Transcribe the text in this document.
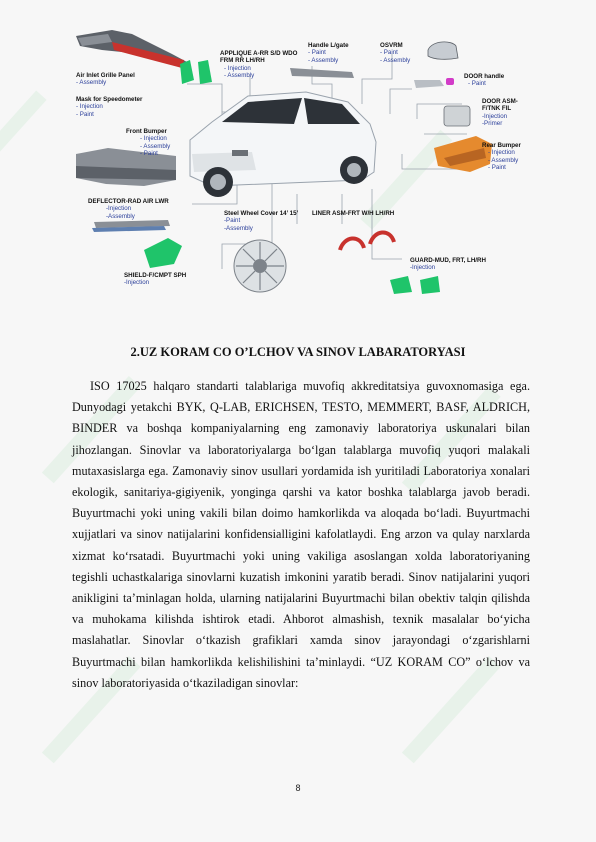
Air Inlet Grille Panel
- Assembly
Mask for Speedometer
- Injection
- Paint
Front Bumper
- Injection
- Assembly
- Paint
DEFLECTOR-RAD AIR LWR
-Injection
-Assembly
SHIELD-F/CMPT SPH
-Injection
APPLIQUE A-RR S/D WDO FRM RR LH/RH
- Injection
- Assembly
Handle L/gate
- Paint
- Assembly
OSVRM
- Paint
- Assembly
DOOR handle
- Paint
DOOR ASM-F/TNK FIL
-Injection
-Primer
Rear Bumper
- Injection
- Assembly
- Paint
Steel Wheel Cover 14’ 15’
-Paint
-Assembly
LINER ASM-FRT W/H LH/RH
GUARD-MUD, FRT, LH/RH
-Injection
2.UZ KORAM CO O’LCHOV VA SINOV LABARATORYASI

ISO 17025 halqaro standarti talablariga muvofiq akkreditatsiya guvoxnomasiga ega. Dunyodagi yetakchi BYK, Q-LAB, ERICHSEN, TESTO, MEMMERT, BASF, ALDRICH, BINDER va boshqa kompaniyalarning eng zamonaviy laboratoriya uskunalari bilan jihozlangan. Sinovlar va laboratoriyalarga boʻlgan talablarga muvofiq yuqori malakali mutaxasislarga ega. Zamonaviy sinov usullari yordamida ish yuritiladi Laboratoriya xonalari ekologik, sanitariya-gigiyenik, yonginga qarshi va kator boshka talablarga javob beradi. Buyurtmachi yoki uning vakili bilan doimo hamkorlikda va aloqada boʻladi. Buyurtmachi xujjatlari va sinov natijalarini konfidensialligini kafolatlaydi. Eng arzon va qulay narxlarda xizmat koʻrsatadi. Buyurtmachi yoki uning vakiliga asoslangan xolda laboratoriyaning tegishli uchastkalariga sinovlarni kuzatish imkonini yaratib beradi. Sinov natijalarini yuqori anikligini ta’minlagan holda, ularning natijalarini Buyurtmachi bilan obektiv talqin qilishda va muhokama kilishda ishtirok etadi. Ahborot almashish, texnik masalalar boʻyicha maslahatlar. Sinovlar oʻtkazish grafiklari xamda sinov jarayondagi oʻzgarishlarni Buyurtmachi bilan hamkorlikda kelishilishini ta’minlaydi. “UZ KORAM CO” oʻlchov va sinov laboratoriyasida oʻtkaziladigan sinovlar:

8
